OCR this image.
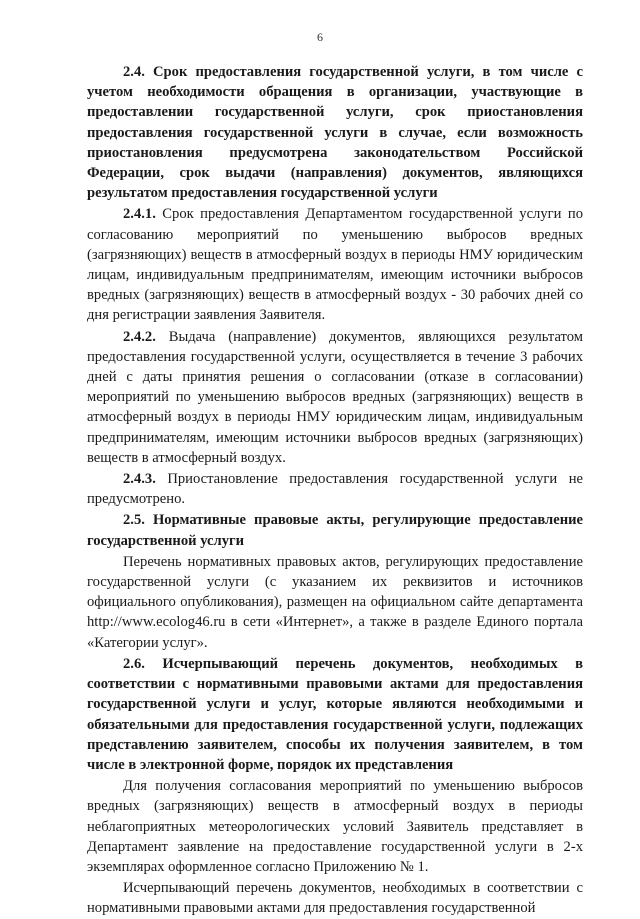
6

2.4. Срок предоставления государственной услуги, в том числе с учетом необходимости обращения в организации, участвующие в предоставлении государственной услуги, срок приостановления предоставления государственной услуги в случае, если возможность приостановления предусмотрена законодательством Российской Федерации, срок выдачи (направления) документов, являющихся результатом предоставления государственной услуги

2.4.1. Срок предоставления Департаментом государственной услуги по согласованию мероприятий по уменьшению выбросов вредных (загрязняющих) веществ в атмосферный воздух в периоды НМУ юридическим лицам, индивидуальным предпринимателям, имеющим источники выбросов вредных (загрязняющих) веществ в атмосферный воздух - 30 рабочих дней со дня регистрации заявления Заявителя.

2.4.2. Выдача (направление) документов, являющихся результатом предоставления государственной услуги, осуществляется в течение 3 рабочих дней с даты принятия решения о согласовании (отказе в согласовании) мероприятий по уменьшению выбросов вредных (загрязняющих) веществ в атмосферный воздух в периоды НМУ юридическим лицам, индивидуальным предпринимателям, имеющим источники выбросов вредных (загрязняющих) веществ в атмосферный воздух.

2.4.3. Приостановление предоставления государственной услуги не предусмотрено.

2.5. Нормативные правовые акты, регулирующие предоставление государственной услуги

Перечень нормативных правовых актов, регулирующих предоставление государственной услуги (с указанием их реквизитов и источников официального опубликования), размещен на официальном сайте департамента http://www.ecolog46.ru в сети «Интернет», а также в разделе Единого портала «Категории услуг».

2.6. Исчерпывающий перечень документов, необходимых в соответствии с нормативными правовыми актами для предоставления государственной услуги и услуг, которые являются необходимыми и обязательными для предоставления государственной услуги, подлежащих представлению заявителем, способы их получения заявителем, в том числе в электронной форме, порядок их представления

Для получения согласования мероприятий по уменьшению выбросов вредных (загрязняющих) веществ в атмосферный воздух в периоды неблагоприятных метеорологических условий Заявитель представляет в Департамент заявление на предоставление государственной услуги в 2-х экземплярах оформленное согласно Приложению № 1.

Исчерпывающий перечень документов, необходимых в соответствии с нормативными правовыми актами для предоставления государственной
